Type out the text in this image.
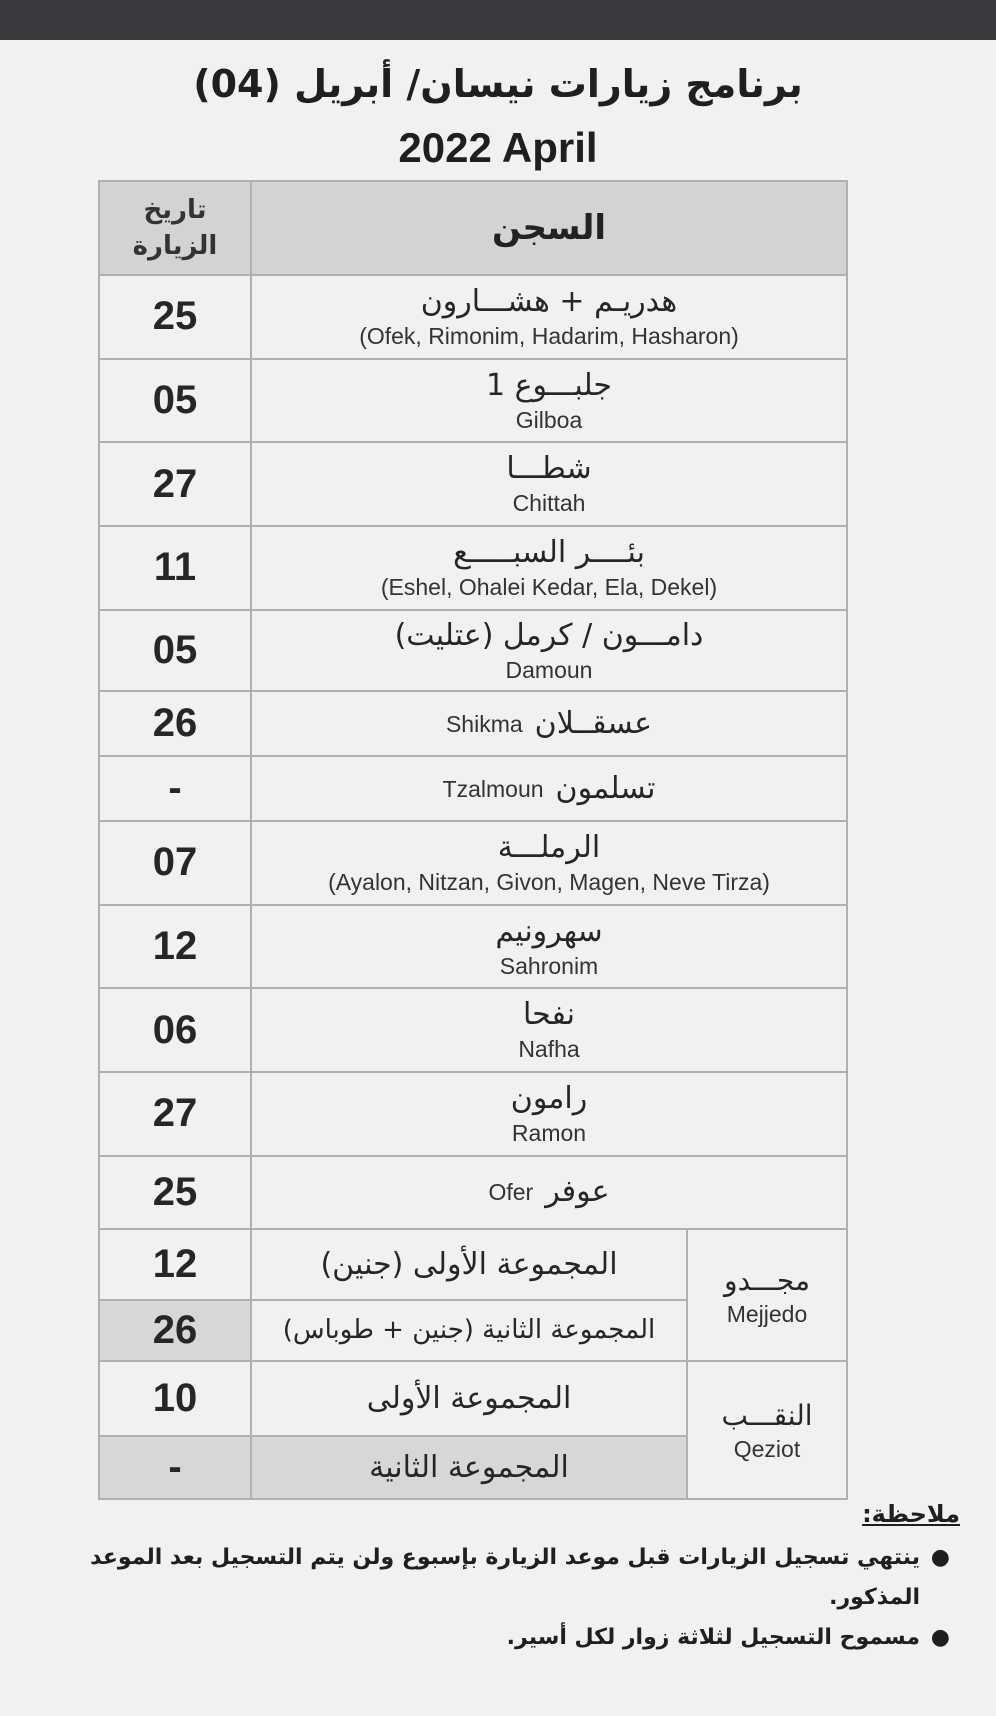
برنامج زيارات نيسان/ أبريل (04)
2022 April
تاريخ
الزيارة	السجن	
25	هدريـم + هشـــارون
(Ofek, Rimonim, Hadarim, Hasharon)	

05	جلبـــوع 1
Gilboa	

27	شطـــا
Chittah	

11	بئــــر السبـــــع
(Eshel, Ohalei Kedar, Ela, Dekel)	

05	دامـــون / كرمل (عتليت)
Damoun	

26	Shikma عسقــلان	

-	Tzalmoun تسلمون	

07	الرملـــة
(Ayalon, Nitzan, Givon, Magen, Neve Tirza)	

12	سهرونيم
Sahronim	

06	نفحا
Nafha	

27	رامون
Ramon	

25	Ofer عوفر	

12	المجموعة الأولى (جنين)	مجـــدو
Mejjedo

26	المجموعة الثانية (جنين + طوباس)	
10	المجموعة الأولى	النقـــب
Qeziot

-	المجموعة الثانية	
ملاحظة:
●
ينتهي تسجيل الزيارات قبل موعد الزيارة بإسبوع ولن يتم التسجيل بعد الموعد المذكور.
●
مسموح التسجيل لثلاثة زوار لكل أسير.
